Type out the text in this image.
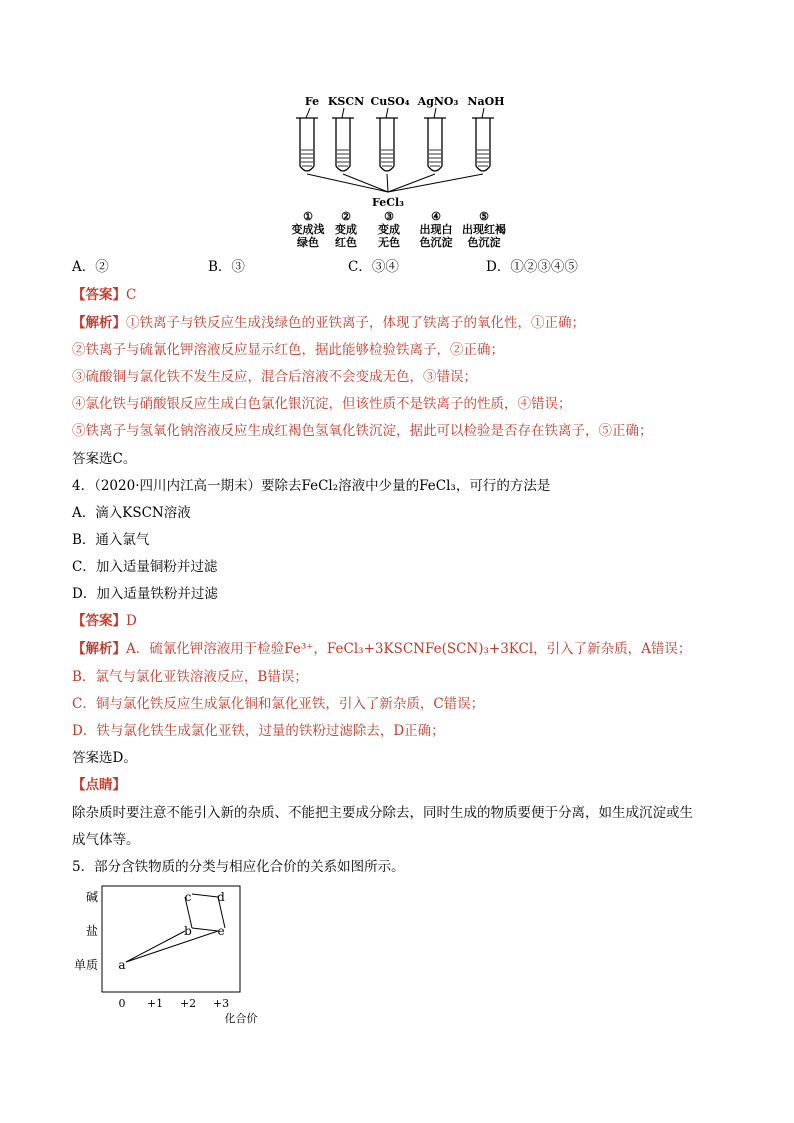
Fe KSCN CuSO₄ AgNO₃ NaOH
FeCl₃
①
变成浅
绿色
②
变成
红色
③
变成
无色
④
出现白
色沉淀
⑤
出现红褐
色沉淀
A．②	B．③	C．③④	D．①②③④⑤
【答案】C
【解析】①铁离子与铁反应生成浅绿色的亚铁离子，体现了铁离子的氧化性，①正确；
②铁离子与硫氰化钾溶液反应显示红色，据此能够检验铁离子，②正确；
③硫酸铜与氯化铁不发生反应，混合后溶液不会变成无色，③错误；
④氯化铁与硝酸银反应生成白色氯化银沉淀，但该性质不是铁离子的性质，④错误；
⑤铁离子与氢氧化钠溶液反应生成红褐色氢氧化铁沉淀，据此可以检验是否存在铁离子，⑤正确；
答案选C。
4．（2020·四川内江高一期末）要除去FeCl₂溶液中少量的FeCl₃，可行的方法是
A．滴入KSCN溶液
B．通入氯气
C．加入适量铜粉并过滤
D．加入适量铁粉并过滤
【答案】D
【解析】A．硫氰化钾溶液用于检验Fe³⁺，FeCl₃+3KSCNFe(SCN)₃+3KCl，引入了新杂质，A错误；
B．氯气与氯化亚铁溶液反应，B错误；
C．铜与氯化铁反应生成氯化铜和氯化亚铁，引入了新杂质，C错误；
D．铁与氯化铁生成氯化亚铁，过量的铁粉过滤除去，D正确；
答案选D。
【点睛】
除杂质时要注意不能引入新的杂质、不能把主要成分除去，同时生成的物质要便于分离，如生成沉淀或生
成气体等。
5．部分含铁物质的分类与相应化合价的关系如图所示。
单质
盐
碱
0 +1 +2 +3
化合价
a
b e
c d
